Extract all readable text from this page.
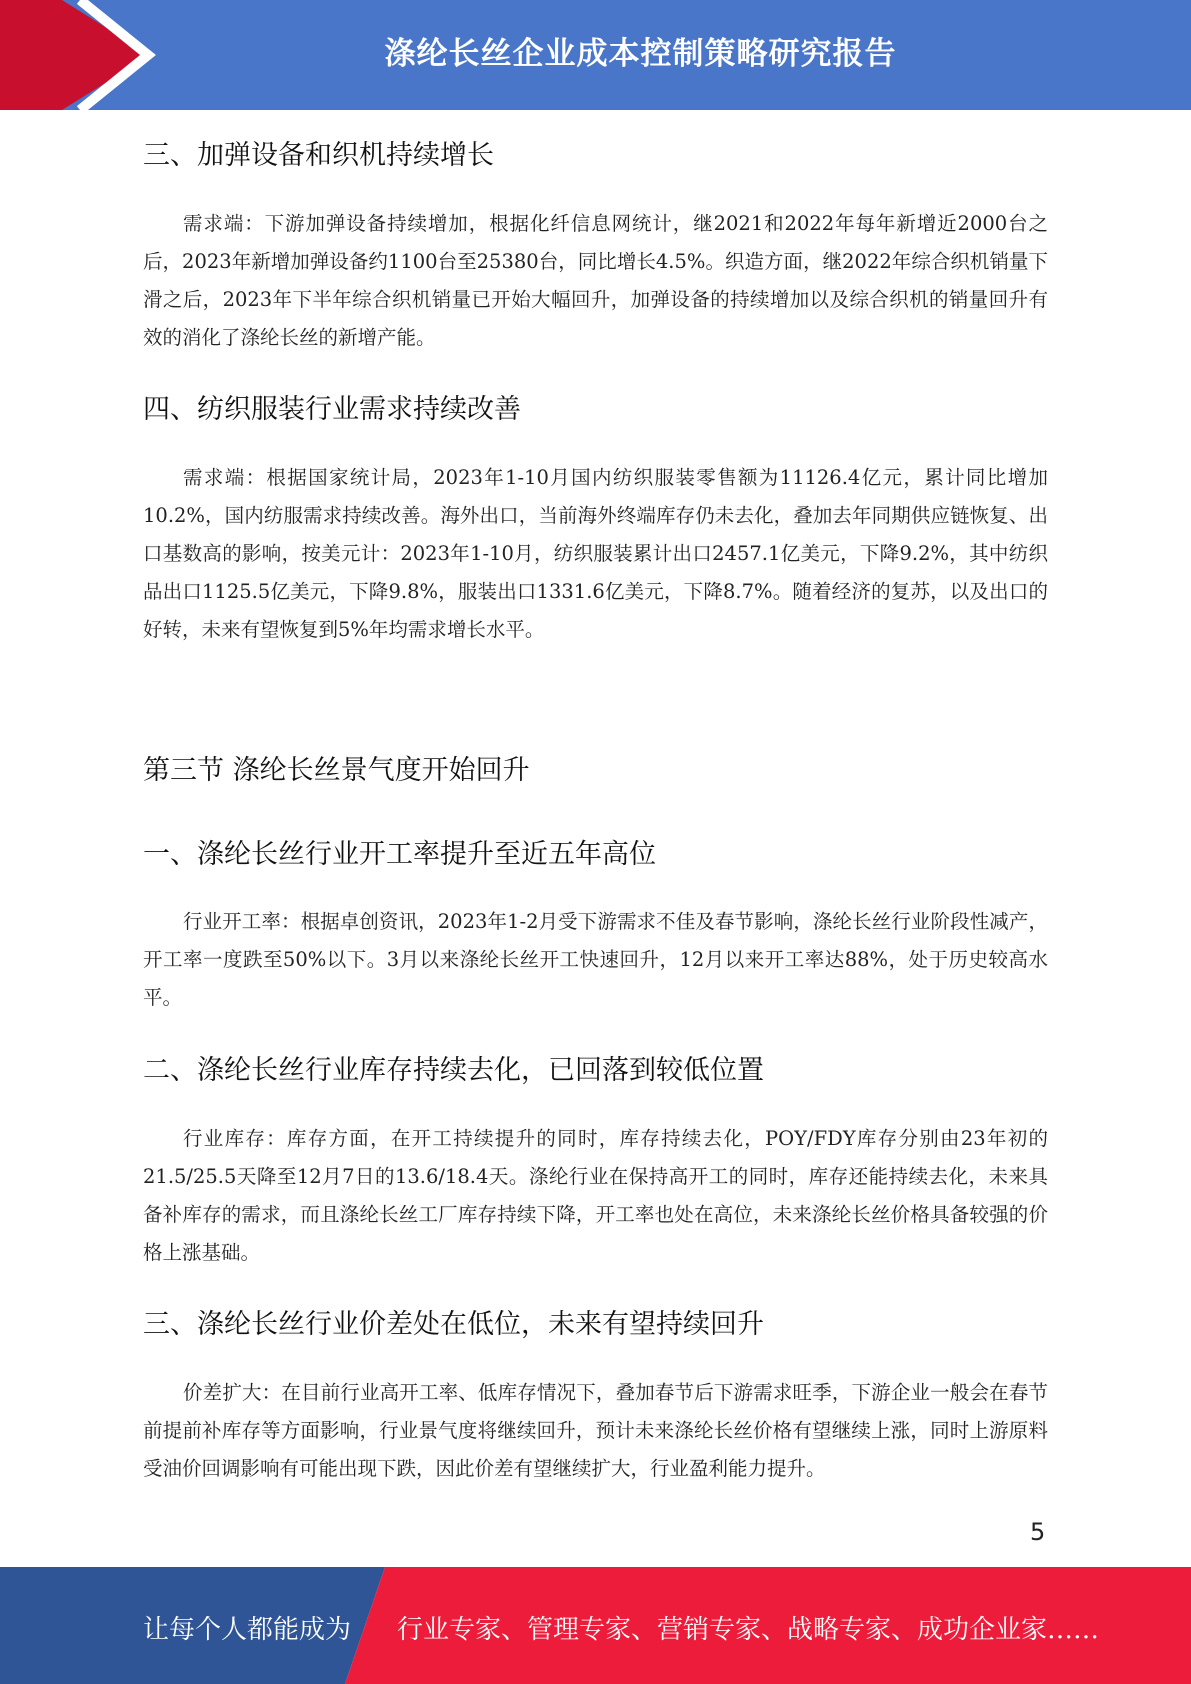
涤纶长丝企业成本控制策略研究报告
三、加弹设备和织机持续增长
需求端：下游加弹设备持续增加，根据化纤信息网统计，继2021和2022年每年新增近2000台之后，2023年新增加弹设备约1100台至25380台，同比增长4.5%。织造方面，继2022年综合织机销量下滑之后，2023年下半年综合织机销量已开始大幅回升，加弹设备的持续增加以及综合织机的销量回升有效的消化了涤纶长丝的新增产能。
四、纺织服装行业需求持续改善
需求端：根据国家统计局，2023年1-10月国内纺织服装零售额为11126.4亿元，累计同比增加10.2%，国内纺服需求持续改善。海外出口，当前海外终端库存仍未去化，叠加去年同期供应链恢复、出口基数高的影响，按美元计：2023年1-10月，纺织服装累计出口2457.1亿美元，下降9.2%，其中纺织品出口1125.5亿美元，下降9.8%，服装出口1331.6亿美元，下降8.7%。随着经济的复苏，以及出口的好转，未来有望恢复到5%年均需求增长水平。
第三节 涤纶长丝景气度开始回升
一、涤纶长丝行业开工率提升至近五年高位
行业开工率：根据卓创资讯，2023年1-2月受下游需求不佳及春节影响，涤纶长丝行业阶段性减产，开工率一度跌至50%以下。3月以来涤纶长丝开工快速回升，12月以来开工率达88%，处于历史较高水平。
二、涤纶长丝行业库存持续去化，已回落到较低位置
行业库存：库存方面，在开工持续提升的同时，库存持续去化，POY/FDY库存分别由23年初的21.5/25.5天降至12月7日的13.6/18.4天。涤纶行业在保持高开工的同时，库存还能持续去化，未来具备补库存的需求，而且涤纶长丝工厂库存持续下降，开工率也处在高位，未来涤纶长丝价格具备较强的价格上涨基础。
三、涤纶长丝行业价差处在低位，未来有望持续回升
价差扩大：在目前行业高开工率、低库存情况下，叠加春节后下游需求旺季，下游企业一般会在春节前提前补库存等方面影响，行业景气度将继续回升，预计未来涤纶长丝价格有望继续上涨，同时上游原料受油价回调影响有可能出现下跌，因此价差有望继续扩大，行业盈利能力提升。
5
让每个人都能成为 行业专家、管理专家、营销专家、战略专家、成功企业家……
